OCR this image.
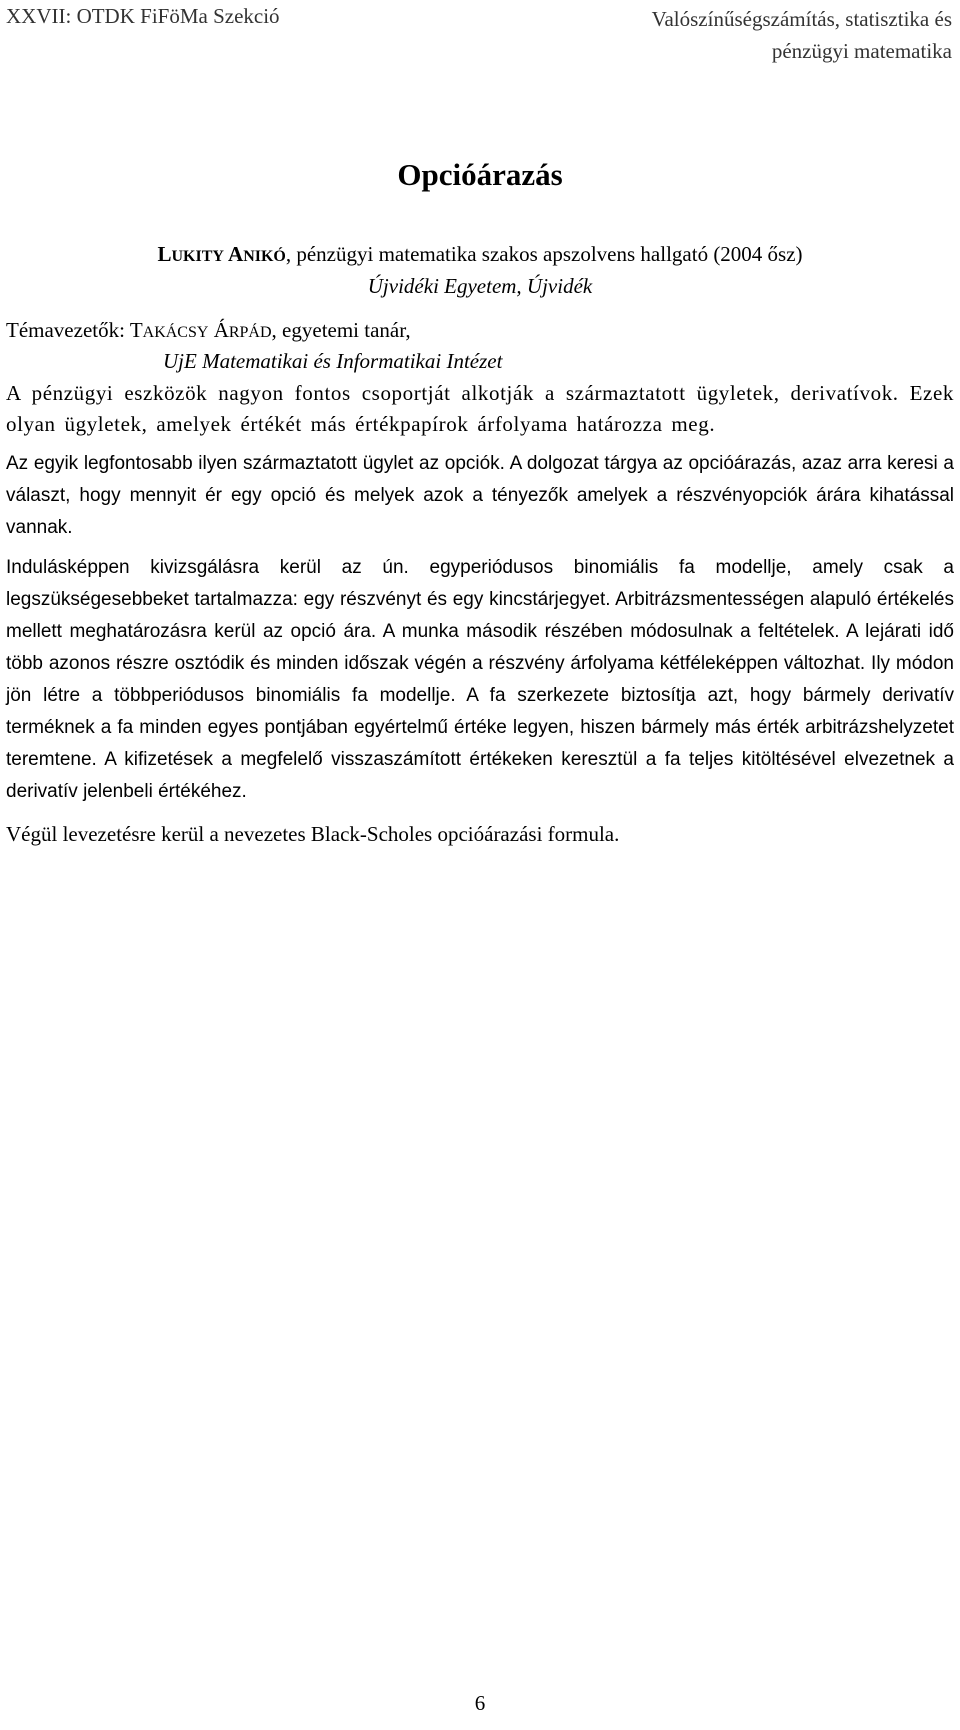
XXVII: OTDK FiFöMa Szekció	Valószínűségszámítás, statisztika és
pénzügyi matematika
Opcióárazás
LUKITY ANIKÓ, pénzügyi matematika szakos apszolvens hallgató (2004 ősz)
Újvidéki Egyetem, Újvidék
Témavezetők: TAKÁCSY ÁRPÁD, egyetemi tanár,
UjE Matematikai és Informatikai Intézet

A pénzügyi eszközök nagyon fontos csoportját alkotják a származtatott ügyletek, derivatívok. Ezek olyan ügyletek, amelyek értékét más értékpapírok árfolyama határozza meg.

Az egyik legfontosabb ilyen származtatott ügylet az opciók. A dolgozat tárgya az opcióárazás, azaz arra keresi a választ, hogy mennyit ér egy opció és melyek azok a tényezők amelyek a részvényopciók árára kihatással vannak.

Indulásképpen kivizsgálásra kerül az ún. egyperiódusos binomiális fa modellje, amely csak a legszükségesebbeket tartalmazza: egy részvényt és egy kincstárjegyet. Arbitrázsmentességen alapuló értékelés mellett meghatározásra kerül az opció ára. A munka második részében módosulnak a feltételek. A lejárati idő több azonos részre osztódik és minden időszak végén a részvény árfolyama kétféleképpen változhat. Ily módon jön létre a többperiódusos binomiális fa modellje. A fa szerkezete biztosítja azt, hogy bármely derivatív terméknek a fa minden egyes pontjában egyértelmű értéke legyen, hiszen bármely más érték arbitrázshelyzetet teremtene. A kifizetések a megfelelő visszaszámított értékeken keresztül a fa teljes kitöltésével elvezetnek a derivatív jelenbeli értékéhez.

Végül levezetésre kerül a nevezetes Black-Scholes opcióárazási formula.

6
